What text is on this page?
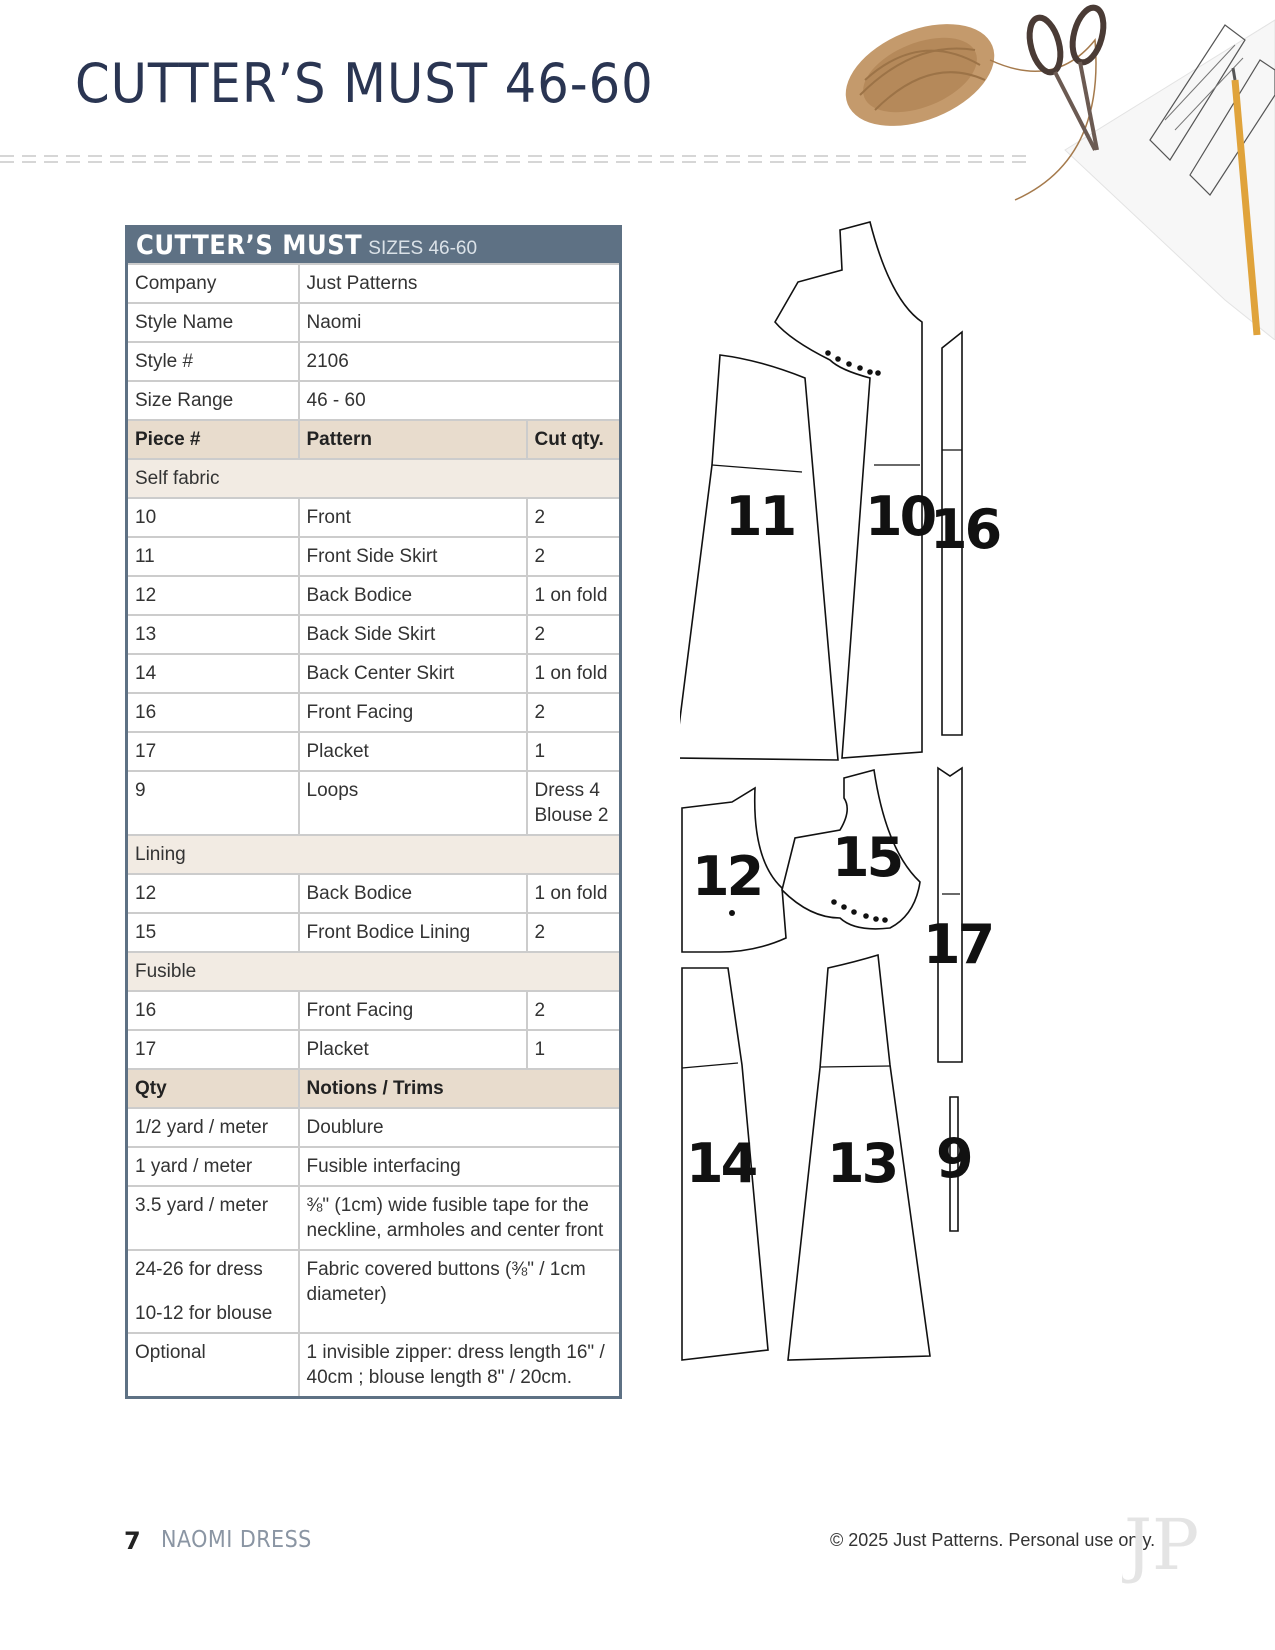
CUTTER’S MUST 46-60
CUTTER’S MUST SIZES 46-60		
Company	Just Patterns	
Style Name	Naomi	
Style #	2106	
Size Range	46 - 60	
Piece #	Pattern	Cut qty.
Self fabric		
10	Front	2
11	Front Side Skirt	2
12	Back Bodice	1 on fold
13	Back Side Skirt	2
14	Back Center Skirt	1 on fold
16	Front Facing	2
17	Placket	1
9	Loops	Dress 4 Blouse 2
Lining		
12	Back Bodice	1 on fold
15	Front Bodice Lining	2
Fusible		
16	Front Facing	2
17	Placket	1
Qty	Notions / Trims	
1/2 yard / meter	Doublure	
1 yard / meter	Fusible interfacing	
3.5 yard / meter	⅜" (1cm) wide fusible tape for the neckline, armholes and center front	
24-26 for dress
10-12 for blouse	Fabric covered buttons (⅜" / 1cm diameter)	
Optional	1 invisible zipper: dress length 16" / 40cm ; blouse length 8" / 20cm.	
10
11	16
12 15
17
14 13 9
7 NAOMI DRESS	© 2025 Just Patterns. Personal use only.
JP
